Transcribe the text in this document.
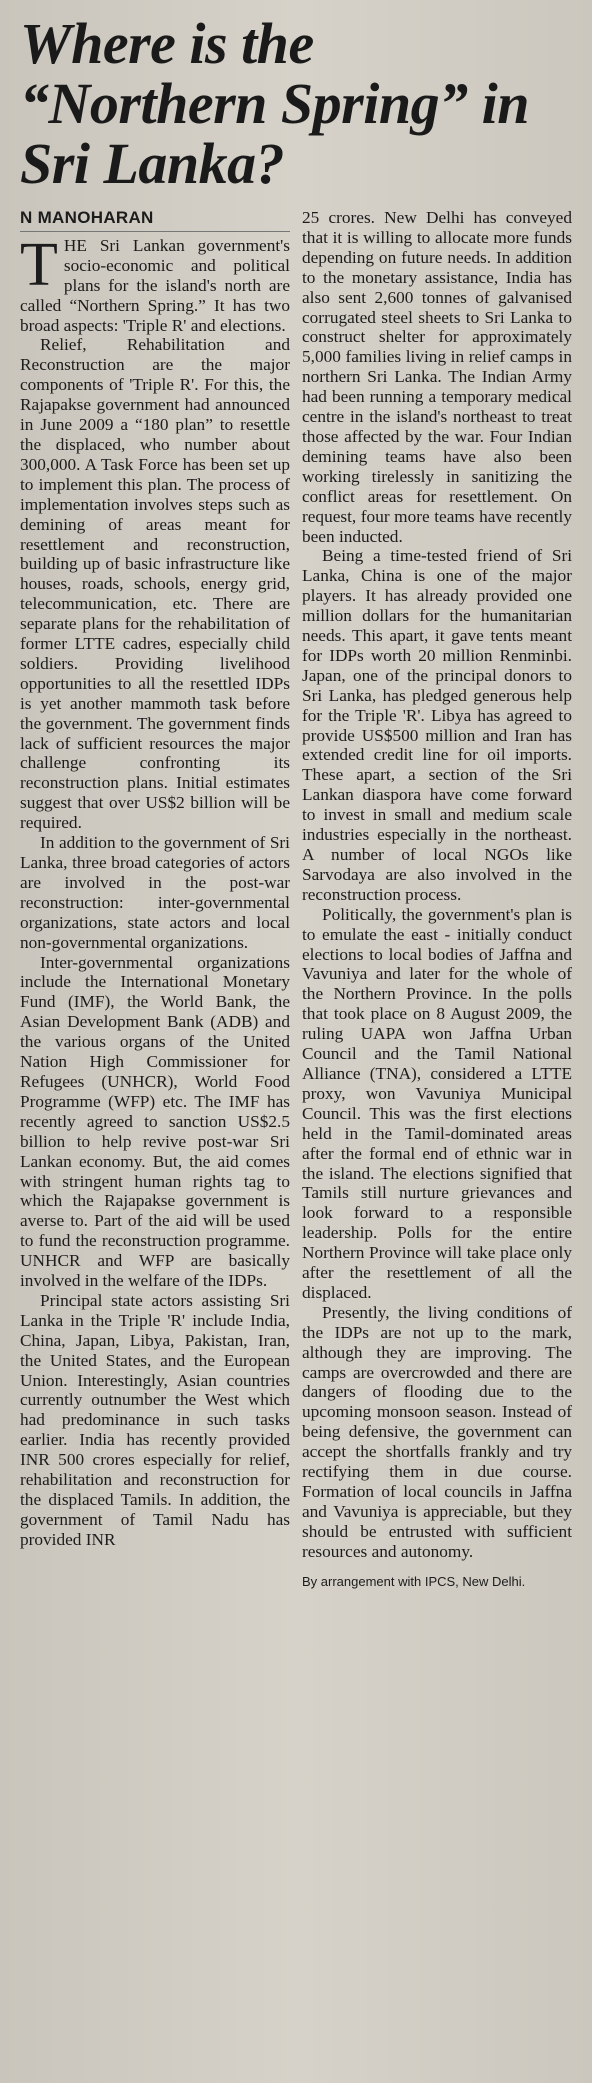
Where is the “Northern Spring” in Sri Lanka?
N MANOHARAN

THE Sri Lankan government's socio-economic and political plans for the island's north are called “Northern Spring.” It has two broad aspects: 'Triple R' and elections.

Relief, Rehabilitation and Reconstruction are the major components of 'Triple R'. For this, the Rajapakse government had announced in June 2009 a “180 plan” to resettle the displaced, who number about 300,000. A Task Force has been set up to implement this plan. The process of implementation involves steps such as demining of areas meant for resettlement and reconstruction, building up of basic infrastructure like houses, roads, schools, energy grid, telecommunication, etc. There are separate plans for the rehabilitation of former LTTE cadres, especially child soldiers. Providing livelihood opportunities to all the resettled IDPs is yet another mammoth task before the government. The government finds lack of sufficient resources the major challenge confronting its reconstruction plans. Initial estimates suggest that over US$2 billion will be required.

In addition to the government of Sri Lanka, three broad categories of actors are involved in the post-war reconstruction: inter-governmental organizations, state actors and local non-governmental organizations.

Inter-governmental organizations include the International Monetary Fund (IMF), the World Bank, the Asian Development Bank (ADB) and the various organs of the United Nation High Commissioner for Refugees (UNHCR), World Food Programme (WFP) etc. The IMF has recently agreed to sanction US$2.5 billion to help revive post-war Sri Lankan economy. But, the aid comes with stringent human rights tag to which the Rajapakse government is averse to. Part of the aid will be used to fund the reconstruction programme. UNHCR and WFP are basically involved in the welfare of the IDPs.

Principal state actors assisting Sri Lanka in the Triple 'R' include India, China, Japan, Libya, Pakistan, Iran, the United States, and the European Union. Interestingly, Asian countries currently outnumber the West which had predominance in such tasks earlier. India has recently provided INR 500 crores especially for relief, rehabilitation and reconstruction for the displaced Tamils. In addition, the government of Tamil Nadu has provided INR

25 crores. New Delhi has conveyed that it is willing to allocate more funds depending on future needs. In addition to the monetary assistance, India has also sent 2,600 tonnes of galvanised corrugated steel sheets to Sri Lanka to construct shelter for approximately 5,000 families living in relief camps in northern Sri Lanka. The Indian Army had been running a temporary medical centre in the island's northeast to treat those affected by the war. Four Indian demining teams have also been working tirelessly in sanitizing the conflict areas for resettlement. On request, four more teams have recently been inducted.

Being a time-tested friend of Sri Lanka, China is one of the major players. It has already provided one million dollars for the humanitarian needs. This apart, it gave tents meant for IDPs worth 20 million Renminbi. Japan, one of the principal donors to Sri Lanka, has pledged generous help for the Triple 'R'. Libya has agreed to provide US$500 million and Iran has extended credit line for oil imports. These apart, a section of the Sri Lankan diaspora have come forward to invest in small and medium scale industries especially in the northeast. A number of local NGOs like Sarvodaya are also involved in the reconstruction process.

Politically, the government's plan is to emulate the east - initially conduct elections to local bodies of Jaffna and Vavuniya and later for the whole of the Northern Province. In the polls that took place on 8 August 2009, the ruling UAPA won Jaffna Urban Council and the Tamil National Alliance (TNA), considered a LTTE proxy, won Vavuniya Municipal Council. This was the first elections held in the Tamil-dominated areas after the formal end of ethnic war in the island. The elections signified that Tamils still nurture grievances and look forward to a responsible leadership. Polls for the entire Northern Province will take place only after the resettlement of all the displaced.

Presently, the living conditions of the IDPs are not up to the mark, although they are improving. The camps are overcrowded and there are dangers of flooding due to the upcoming monsoon season. Instead of being defensive, the government can accept the shortfalls frankly and try rectifying them in due course. Formation of local councils in Jaffna and Vavuniya is appreciable, but they should be entrusted with sufficient resources and autonomy.

By arrangement with IPCS, New Delhi.
